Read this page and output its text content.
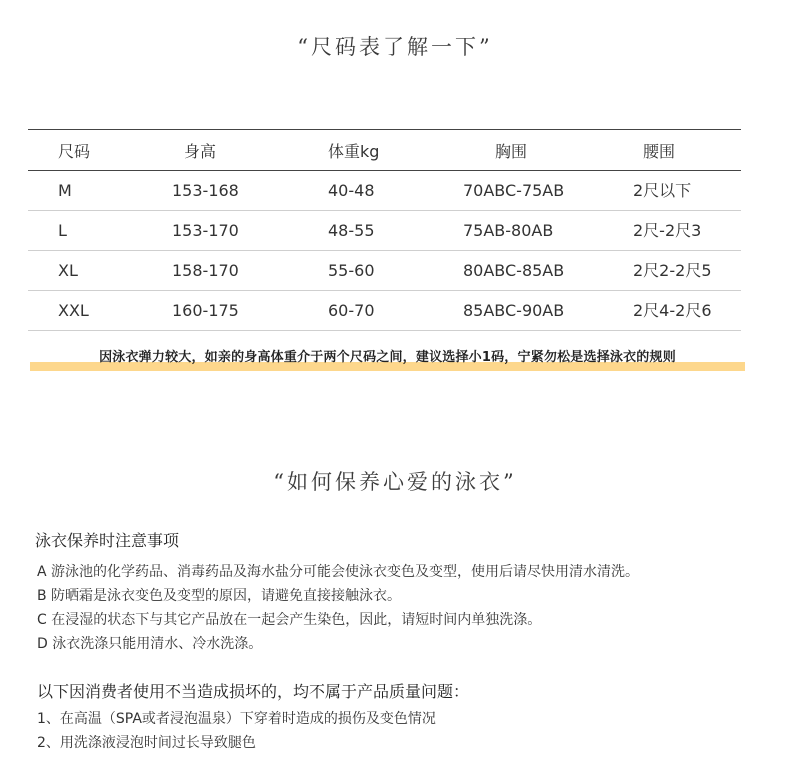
“尺码表了解一下”
尺码	身高	体重kg	胸围	腰围
M	153-168	40-48	70ABC-75AB	2尺以下
L	153-170	48-55	75AB-80AB	2尺-2尺3
XL	158-170	55-60	80ABC-85AB	2尺2-2尺5
XXL	160-175	60-70	85ABC-90AB	2尺4-2尺6
因泳衣弹力较大，如亲的身高体重介于两个尺码之间，建议选择小1码，宁紧勿松是选择泳衣的规则
“如何保养心爱的泳衣”
泳衣保养时注意事项
A 游泳池的化学药品、消毒药品及海水盐分可能会使泳衣变色及变型，使用后请尽快用清水清洗。
B 防晒霜是泳衣变色及变型的原因，请避免直接接触泳衣。
C 在浸湿的状态下与其它产品放在一起会产生染色，因此，请短时间内单独洗涤。
D 泳衣洗涤只能用清水、冷水洗涤。
以下因消费者使用不当造成损坏的，均不属于产品质量问题：
1、在高温（SPA或者浸泡温泉）下穿着时造成的损伤及变色情况
2、用洗涤液浸泡时间过长导致腿色
